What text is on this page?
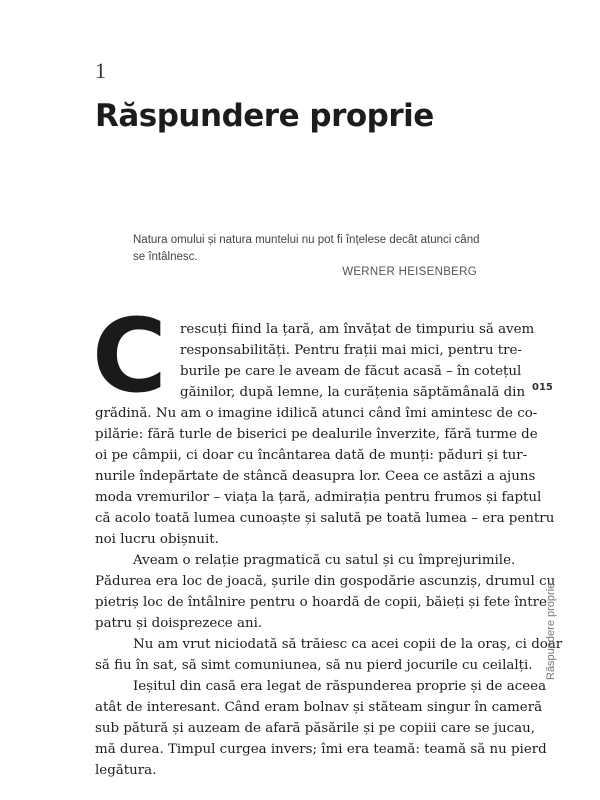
1
Răspundere proprie
Natura omului și natura muntelui nu pot fi înțelese decât atunci când se întâlnesc.
WERNER HEISENBERG
C rescuți fiind la țară, am învățat de timpuriu să avem
responsabilități. Pentru frații mai mici, pentru tre-
burile pe care le aveam de făcut acasă – în cotețul
găinilor, după lemne, la curățenia săptămânală din
grădină. Nu am o imagine idilică atunci când îmi amintesc de co-
pilărie: fără turle de biserici pe dealurile înverzite, fără turme de
oi pe câmpii, ci doar cu încântarea dată de munți: păduri și tur-
nurile îndepărtate de stâncă deasupra lor. Ceea ce astăzi a ajuns
moda vremurilor – viața la țară, admirația pentru frumos și faptul
că acolo toată lumea cunoaște și salută pe toată lumea – era pentru
noi lucru obișnuit.
Aveam o relație pragmatică cu satul și cu împrejurimile.
Pădurea era loc de joacă, șurile din gospodărie ascunziș, drumul cu
pietriș loc de întâlnire pentru o hoardă de copii, băieți și fete între
patru și doisprezece ani.
Nu am vrut niciodată să trăiesc ca acei copii de la oraș, ci doar
să fiu în sat, să simt comuniunea, să nu pierd jocurile cu ceilalți.
Ieșitul din casă era legat de răspunderea proprie și de aceea
atât de interesant. Când eram bolnav și stăteam singur în cameră
sub pătură și auzeam de afară păsările și pe copiii care se jucau,
mă durea. Timpul curgea invers; îmi era teamă: teamă să nu pierd
legătura.
015
Răspundere proprie
